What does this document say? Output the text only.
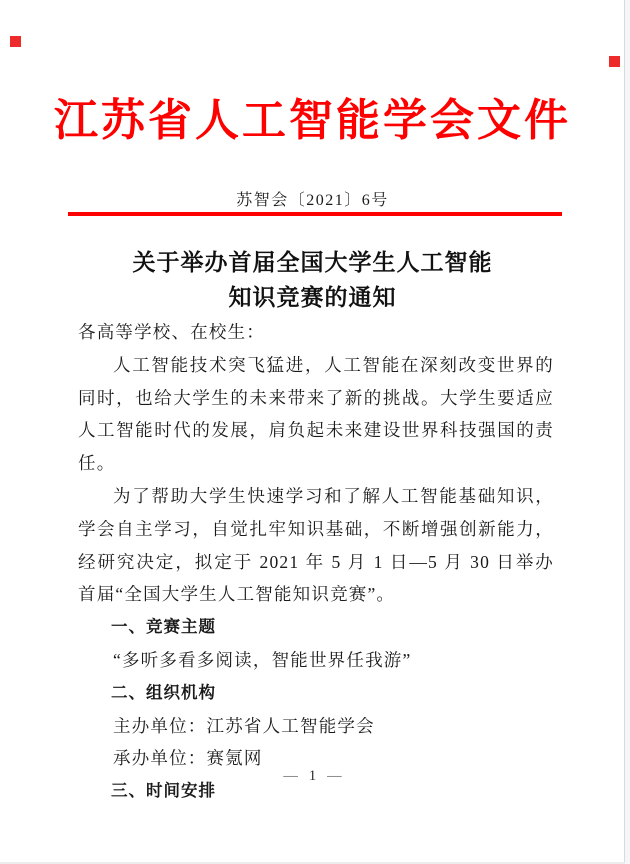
江苏省人工智能学会文件
苏智会〔2021〕6号
关于举办首届全国大学生人工智能
知识竞赛的通知

各高等学校、在校生：

人工智能技术突飞猛进，人工智能在深刻改变世界的同时，也给大学生的未来带来了新的挑战。大学生要适应人工智能时代的发展，肩负起未来建设世界科技强国的责任。

为了帮助大学生快速学习和了解人工智能基础知识，学会自主学习，自觉扎牢知识基础，不断增强创新能力，经研究决定，拟定于 2021 年 5 月 1 日—5 月 30 日举办首届“全国大学生人工智能知识竞赛”。

一、竞赛主题

“多听多看多阅读，智能世界任我游”

二、组织机构

主办单位：江苏省人工智能学会

承办单位：赛氪网

三、时间安排

— 1 —
